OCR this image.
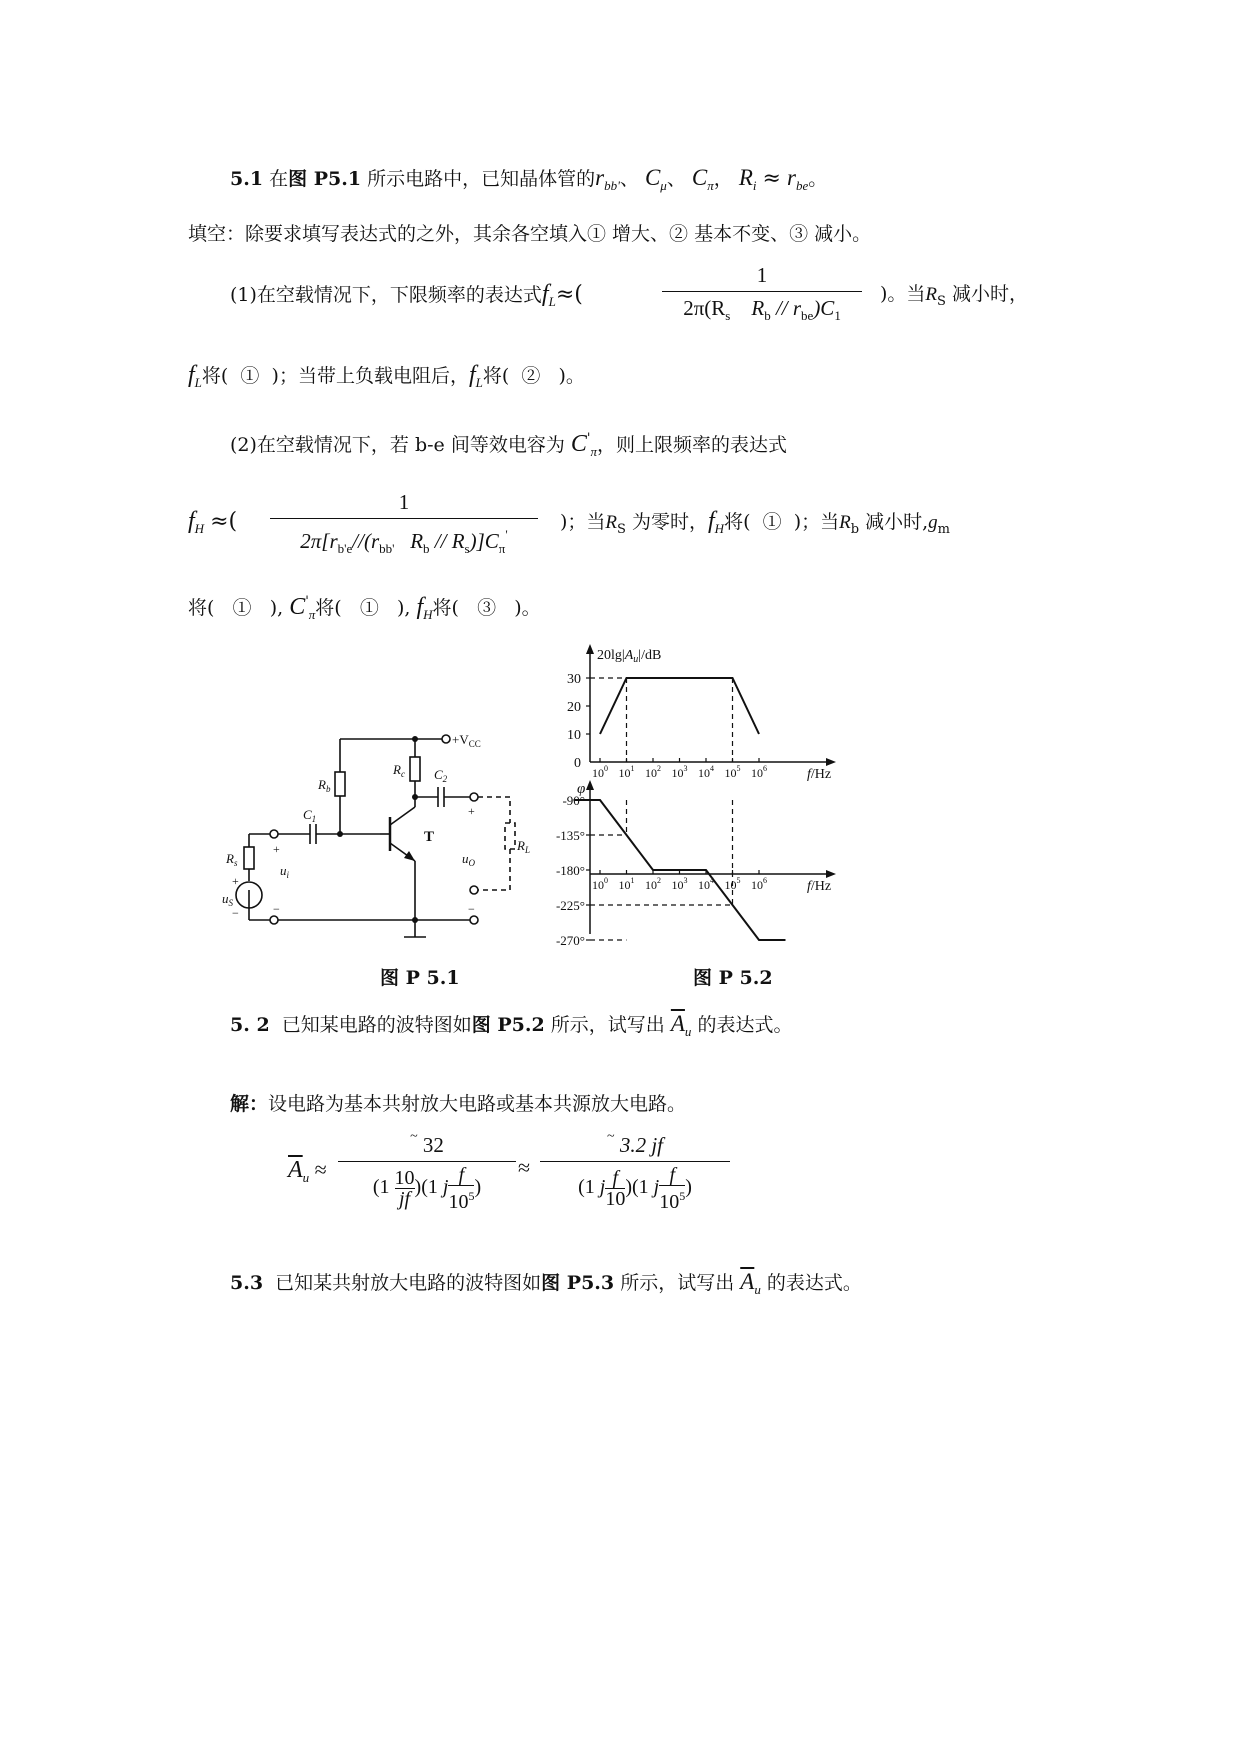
5.1 在图 P5.1 所示电路中，已知晶体管的$r_{bb'}$、 $C_\mu$、 $C_\pi$， $R_i \approx r_{be}$。
填空：除要求填写表达式的之外，其余各空填入① 增大、② 基本不变、③ 减小。
(1)在空载情况下，下限频率的表达式$f_L\approx$(
1
$2\pi(R_s$ $R_b // r_{be})C_1$
)。当$R_S$ 减小时，
$f_L$将( ① )；当带上负载电阻后，$f_L$将( ② )。
(2)在空载情况下，若 b-e 间等效电容为 $C'_\pi$，则上限频率的表达式
$f_H$ ≈(
1
$2\pi[r_{b'e}//(r_{bb'}$ $R_b // R_s)]C_\pi'$
)；当$R_S$ 为零时，$f_H$将( ① )；当$R_b$ 减小时$,g_m$
将( ① ), $C'_\pi$将( ① ), $f_H$将( ③ )。
$+V_{CC}$
$R_b$
$R_c$
$C_1$
$C_2$
T
$R_s$	$u_i$
$u_S$
$u_O$
$R_L$
+
−
+
−
+
−
$20\lg|A_u|/dB$
φ
f/Hz
f/Hz
30
20
10
0
$10^0$
$10^0$
$10^1$
$10^1$
$10^2$
$10^2$
$10^3$
$10^3$
$10^4$
$10^4$
$10^5$
$10^5$
$10^6$
$10^6$
-90°
-135°
-180°
-225°
-270°
图 P 5.1	图 P 5.2
5. 2 已知某电路的波特图如图 P5.2 所示，试写出 $\overline{A}_u$ 的表达式。
解：设电路为基本共射放大电路或基本共源放大电路。
$\overline{A}_u$ ≈
~ 32
$(1 \frac{10}{jf} )(1$ j $\frac{f}{10^5}$ )
≈
~ 3.2 jf
(1 j $\frac{f}{10} )(1$ j $\frac{f}{10^5}$ )
5.3 已知某共射放大电路的波特图如图 P5.3 所示，试写出 $\overline{A}_u$ 的表达式。
